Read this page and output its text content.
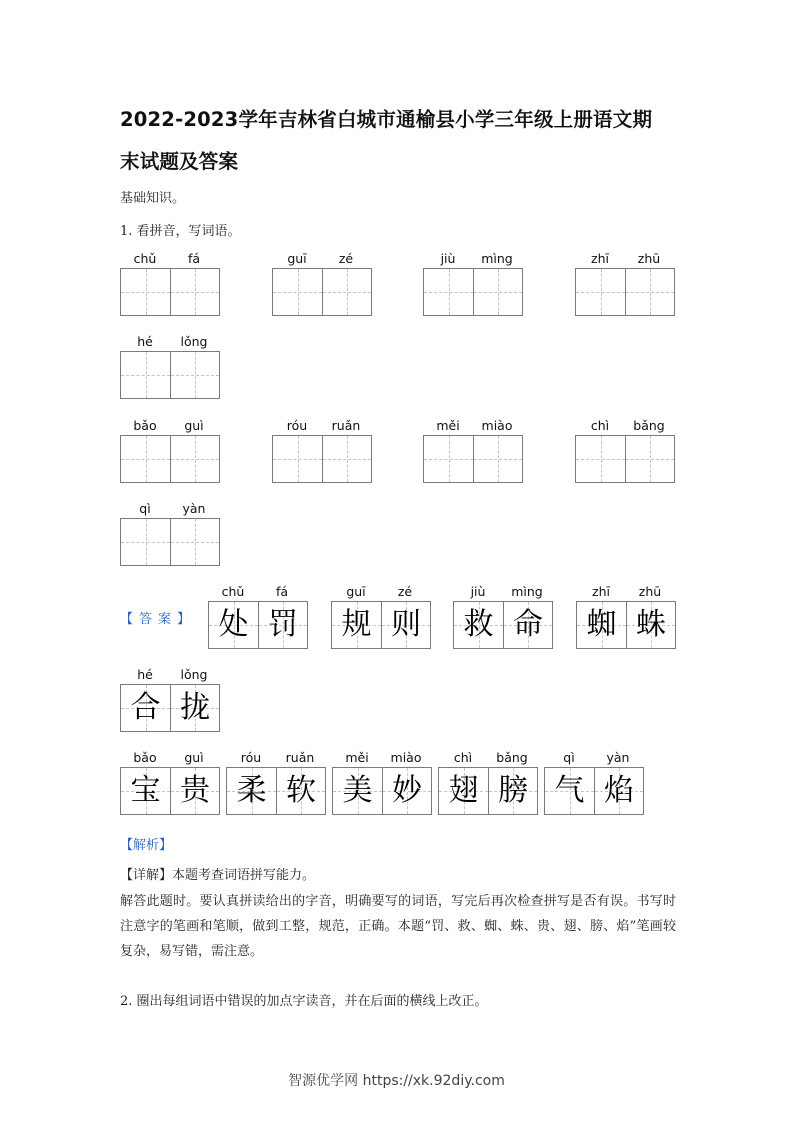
2022-2023学年吉林省白城市通榆县小学三年级上册语文期
末试题及答案
基础知识。
1. 看拼音，写词语。
chǔ	fá	guī	zé	jiù	mìng	zhī	zhū
hé	lǒng
bǎo	guì	róu	ruǎn	měi	miào	chì	bǎng
qì	yàn
【答案】
chǔ	fá
处 罚
guī	zé
规 则
jiù	mìng
救 命
zhī	zhū
蜘 蛛
hé	lǒng
合 拢
bǎo	guì
宝 贵
róu	ruǎn
柔 软
měi	miào
美 妙
chì	bǎng
翅 膀
qì	yàn
气 焰
【解析】
【详解】本题考查词语拼写能力。
解答此题时。要认真拼读给出的字音，明确要写的词语，写完后再次检查拼写是否有误。书写时注意字的笔画和笔顺，做到工整，规范，正确。本题“罚、救、蜘、蛛、贵、翅、膀、焰”笔画较复杂，易写错，需注意。
2. 圈出每组词语中错误的加点字读音，并在后面的横线上改正。
智源优学网 https://xk.92diy.com
